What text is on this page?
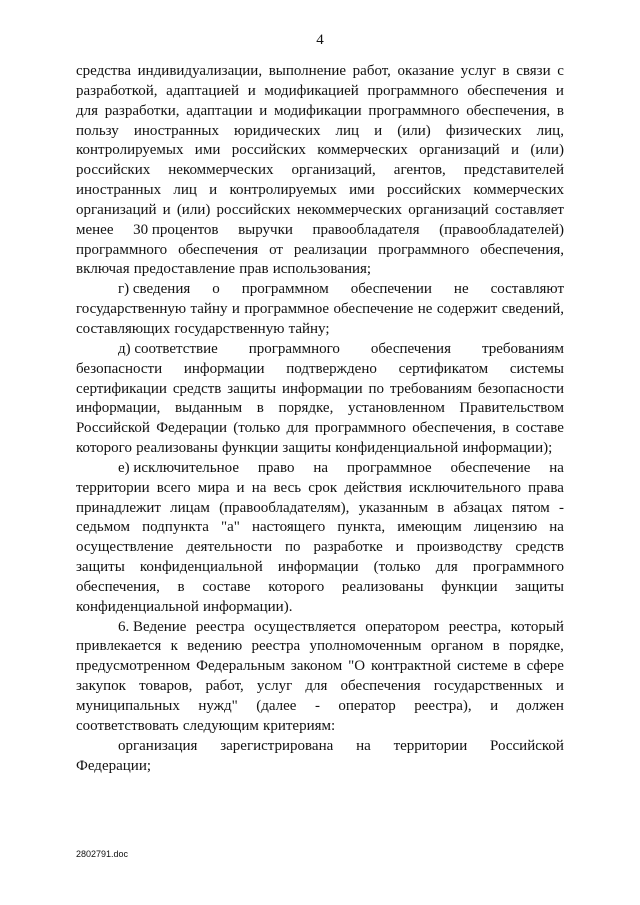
4
средства индивидуализации, выполнение работ, оказание услуг в связи с
разработкой, адаптацией и модификацией программного обеспечения и
для разработки, адаптации и модификации программного обеспечения, в
пользу иностранных юридических лиц и (или) физических лиц,
контролируемых ими российских коммерческих организаций и (или)
российских некоммерческих организаций, агентов, представителей
иностранных лиц и контролируемых ими российских коммерческих
организаций и (или) российских некоммерческих организаций составляет
менее 30 процентов выручки правообладателя (правообладателей)
программного обеспечения от реализации программного обеспечения,
включая предоставление прав использования;
г) сведения о программном обеспечении не составляют
государственную тайну и программное обеспечение не содержит сведений,
составляющих государственную тайну;
д) соответствие программного обеспечения требованиям
безопасности информации подтверждено сертификатом системы
сертификации средств защиты информации по требованиям безопасности
информации, выданным в порядке, установленном Правительством
Российской Федерации (только для программного обеспечения, в составе
которого реализованы функции защиты конфиденциальной информации);
е) исключительное право на программное обеспечение на
территории всего мира и на весь срок действия исключительного права
принадлежит лицам (правообладателям), указанным в абзацах пятом -
седьмом подпункта "а" настоящего пункта, имеющим лицензию на
осуществление деятельности по разработке и производству средств
защиты конфиденциальной информации (только для программного
обеспечения, в составе которого реализованы функции защиты
конфиденциальной информации).
6. Ведение реестра осуществляется оператором реестра, который
привлекается к ведению реестра уполномоченным органом в порядке,
предусмотренном Федеральным законом "О контрактной системе в сфере
закупок товаров, работ, услуг для обеспечения государственных и
муниципальных нужд" (далее - оператор реестра), и должен
соответствовать следующим критериям:
организация зарегистрирована на территории Российской
Федерации;
2802791.doc
